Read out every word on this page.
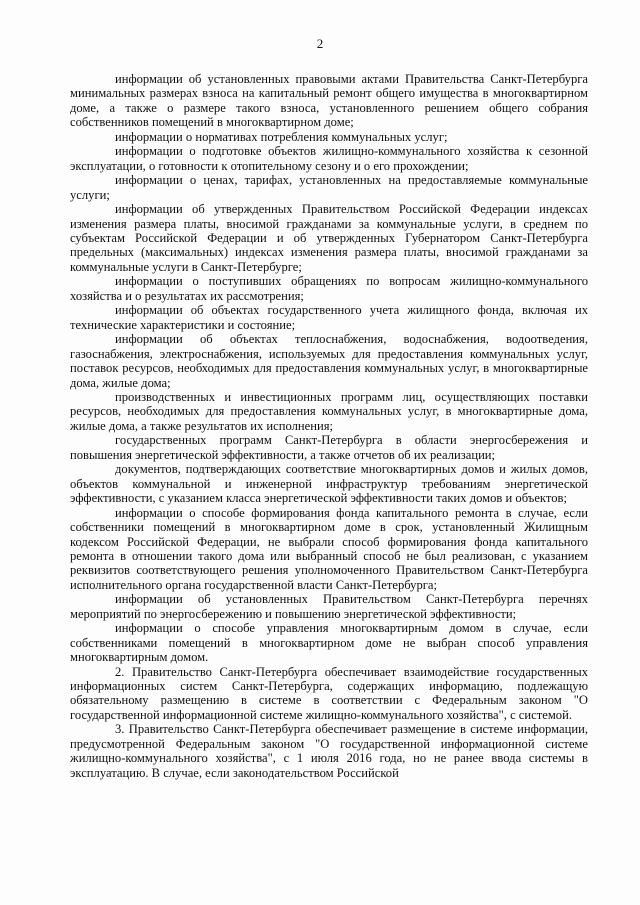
2

информации об установленных правовыми актами Правительства Санкт-Петербурга минимальных размерах взноса на капитальный ремонт общего имущества в многоквартирном доме, а также о размере такого взноса, установленного решением общего собрания собственников помещений в многоквартирном доме;

информации о нормативах потребления коммунальных услуг;

информации о подготовке объектов жилищно-коммунального хозяйства к сезонной эксплуатации, о готовности к отопительному сезону и о его прохождении;

информации о ценах, тарифах, установленных на предоставляемые коммунальные услуги;

информации об утвержденных Правительством Российской Федерации индексах изменения размера платы, вносимой гражданами за коммунальные услуги, в среднем по субъектам Российской Федерации и об утвержденных Губернатором Санкт-Петербурга предельных (максимальных) индексах изменения размера платы, вносимой гражданами за коммунальные услуги в Санкт-Петербурге;

информации о поступивших обращениях по вопросам жилищно-коммунального хозяйства и о результатах их рассмотрения;

информации об объектах государственного учета жилищного фонда, включая их технические характеристики и состояние;

информации об объектах теплоснабжения, водоснабжения, водоотведения, газоснабжения, электроснабжения, используемых для предоставления коммунальных услуг, поставок ресурсов, необходимых для предоставления коммунальных услуг, в многоквартирные дома, жилые дома;

производственных и инвестиционных программ лиц, осуществляющих поставки ресурсов, необходимых для предоставления коммунальных услуг, в многоквартирные дома, жилые дома, а также результатов их исполнения;

государственных программ Санкт-Петербурга в области энергосбережения и повышения энергетической эффективности, а также отчетов об их реализации;

документов, подтверждающих соответствие многоквартирных домов и жилых домов, объектов коммунальной и инженерной инфраструктур требованиям энергетической эффективности, с указанием класса энергетической эффективности таких домов и объектов;

информации о способе формирования фонда капитального ремонта в случае, если собственники помещений в многоквартирном доме в срок, установленный Жилищным кодексом Российской Федерации, не выбрали способ формирования фонда капитального ремонта в отношении такого дома или выбранный способ не был реализован, с указанием реквизитов соответствующего решения уполномоченного Правительством Санкт-Петербурга исполнительного органа государственной власти Санкт-Петербурга;

информации об установленных Правительством Санкт-Петербурга перечнях мероприятий по энергосбережению и повышению энергетической эффективности;

информации о способе управления многоквартирным домом в случае, если собственниками помещений в многоквартирном доме не выбран способ управления многоквартирным домом.

2. Правительство Санкт-Петербурга обеспечивает взаимодействие государственных информационных систем Санкт-Петербурга, содержащих информацию, подлежащую обязательному размещению в системе в соответствии с Федеральным законом "О государственной информационной системе жилищно-коммунального хозяйства", с системой.

3. Правительство Санкт-Петербурга обеспечивает размещение в системе информации, предусмотренной Федеральным законом "О государственной информационной системе жилищно-коммунального хозяйства", с 1 июля 2016 года, но не ранее ввода системы в эксплуатацию. В случае, если законодательством Российской
